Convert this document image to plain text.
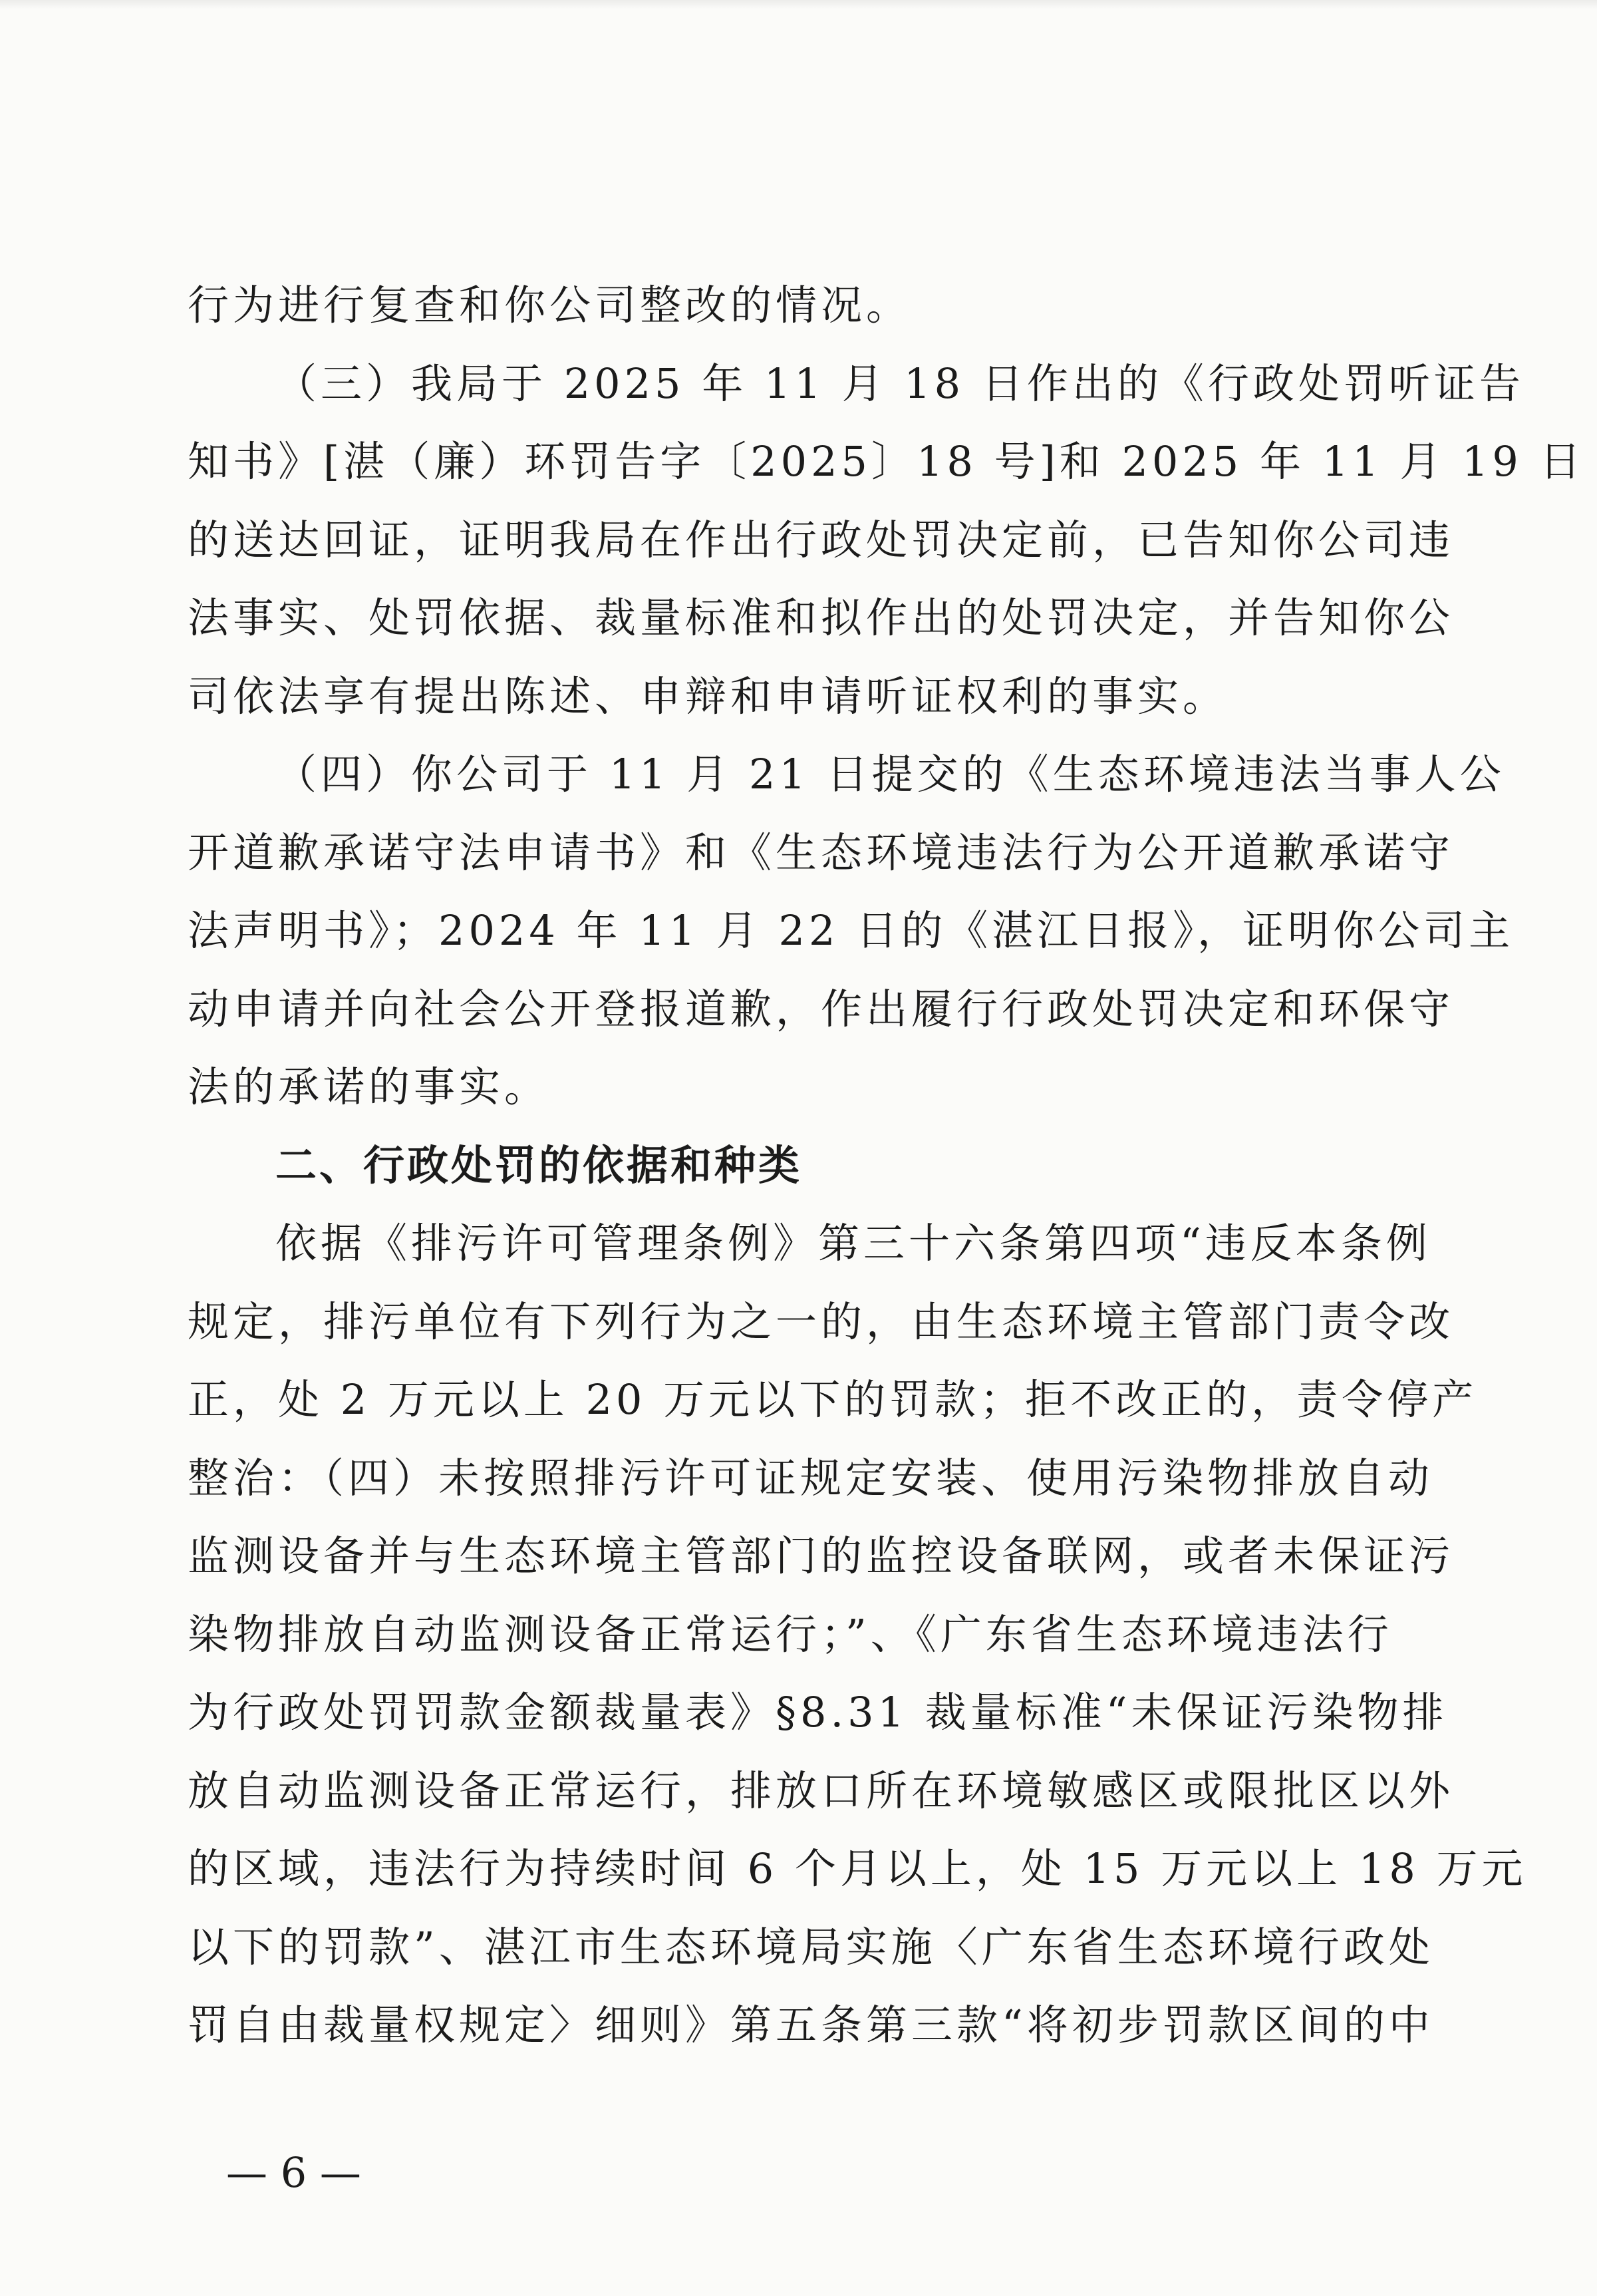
行为进行复查和你公司整改的情况。
（三）我局于 2025 年 11 月 18 日作出的《行政处罚听证告
知书》[湛（廉）环罚告字〔2025〕18 号]和 2025 年 11 月 19 日
的送达回证，证明我局在作出行政处罚决定前，已告知你公司违
法事实、处罚依据、裁量标准和拟作出的处罚决定，并告知你公
司依法享有提出陈述、申辩和申请听证权利的事实。
（四）你公司于 11 月 21 日提交的《生态环境违法当事人公
开道歉承诺守法申请书》和《生态环境违法行为公开道歉承诺守
法声明书》；2024 年 11 月 22 日的《湛江日报》，证明你公司主
动申请并向社会公开登报道歉，作出履行行政处罚决定和环保守
法的承诺的事实。
二、行政处罚的依据和种类
依据《排污许可管理条例》第三十六条第四项“违反本条例
规定，排污单位有下列行为之一的，由生态环境主管部门责令改
正，处 2 万元以上 20 万元以下的罚款；拒不改正的，责令停产
整治：（四）未按照排污许可证规定安装、使用污染物排放自动
监测设备并与生态环境主管部门的监控设备联网，或者未保证污
染物排放自动监测设备正常运行；”、《广东省生态环境违法行
为行政处罚罚款金额裁量表》§8.31 裁量标准“未保证污染物排
放自动监测设备正常运行，排放口所在环境敏感区或限批区以外
的区域，违法行为持续时间 6 个月以上，处 15 万元以上 18 万元
以下的罚款”、湛江市生态环境局实施〈广东省生态环境行政处
罚自由裁量权规定〉细则》第五条第三款“将初步罚款区间的中
— 6 —
